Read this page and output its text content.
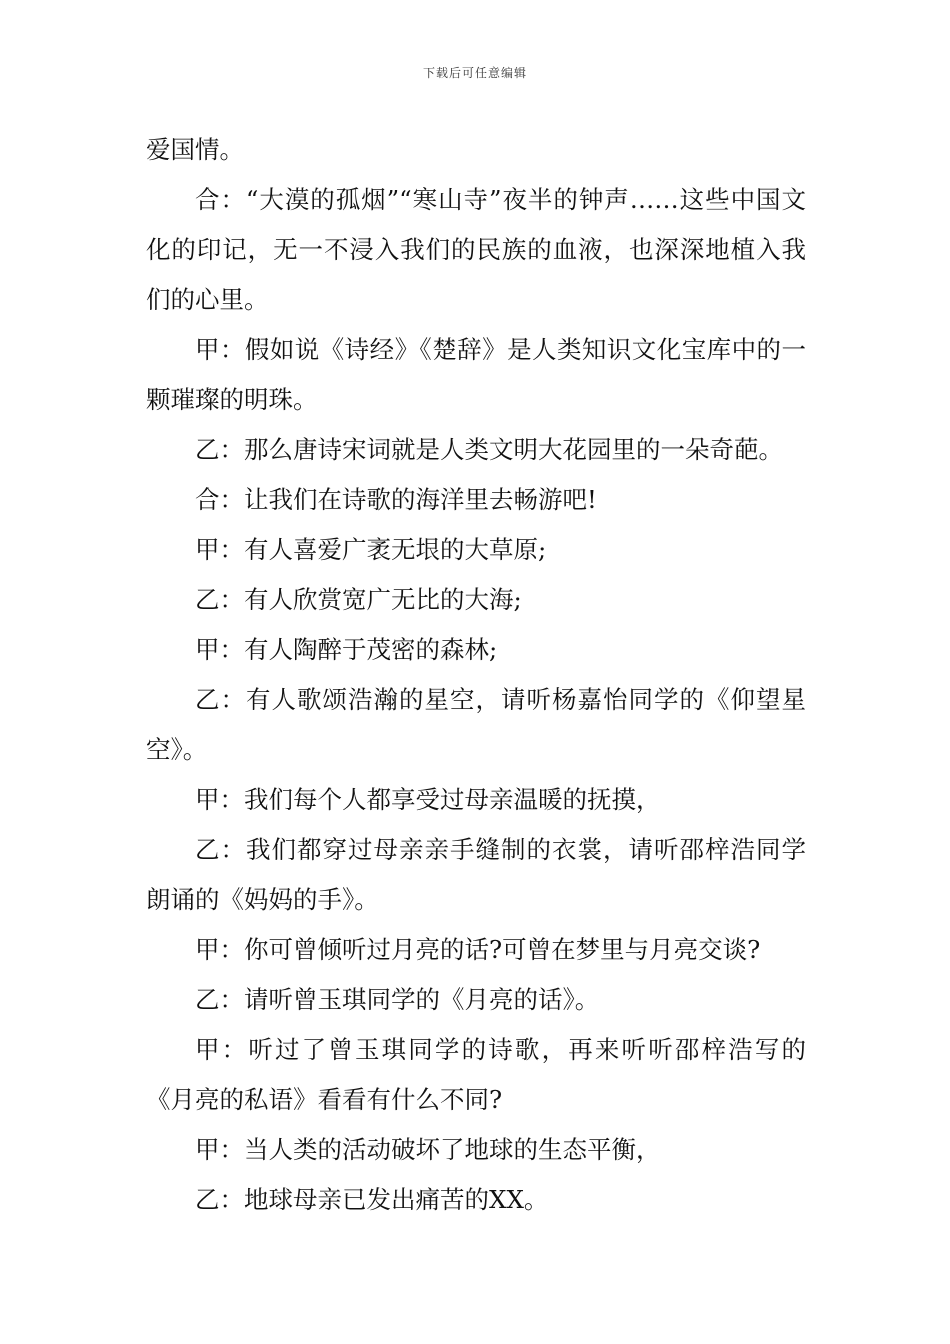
下载后可任意编辑

爱国情。

合：“大漠的孤烟”“寒山寺”夜半的钟声……这些中国文化的印记，无一不浸入我们的民族的血液，也深深地植入我们的心里。

甲：假如说《诗经》《楚辞》是人类知识文化宝库中的一颗璀璨的明珠。

乙：那么唐诗宋词就是人类文明大花园里的一朵奇葩。

合：让我们在诗歌的海洋里去畅游吧!

甲：有人喜爱广袤无垠的大草原;

乙：有人欣赏宽广无比的大海;

甲：有人陶醉于茂密的森林;

乙：有人歌颂浩瀚的星空，请听杨嘉怡同学的《仰望星空》。

甲：我们每个人都享受过母亲温暖的抚摸，

乙：我们都穿过母亲亲手缝制的衣裳，请听邵梓浩同学朗诵的《妈妈的手》。

甲：你可曾倾听过月亮的话?可曾在梦里与月亮交谈?

乙：请听曾玉琪同学的《月亮的话》。

甲：听过了曾玉琪同学的诗歌，再来听听邵梓浩写的《月亮的私语》看看有什么不同?

甲：当人类的活动破坏了地球的生态平衡，

乙：地球母亲已发出痛苦的XX。
